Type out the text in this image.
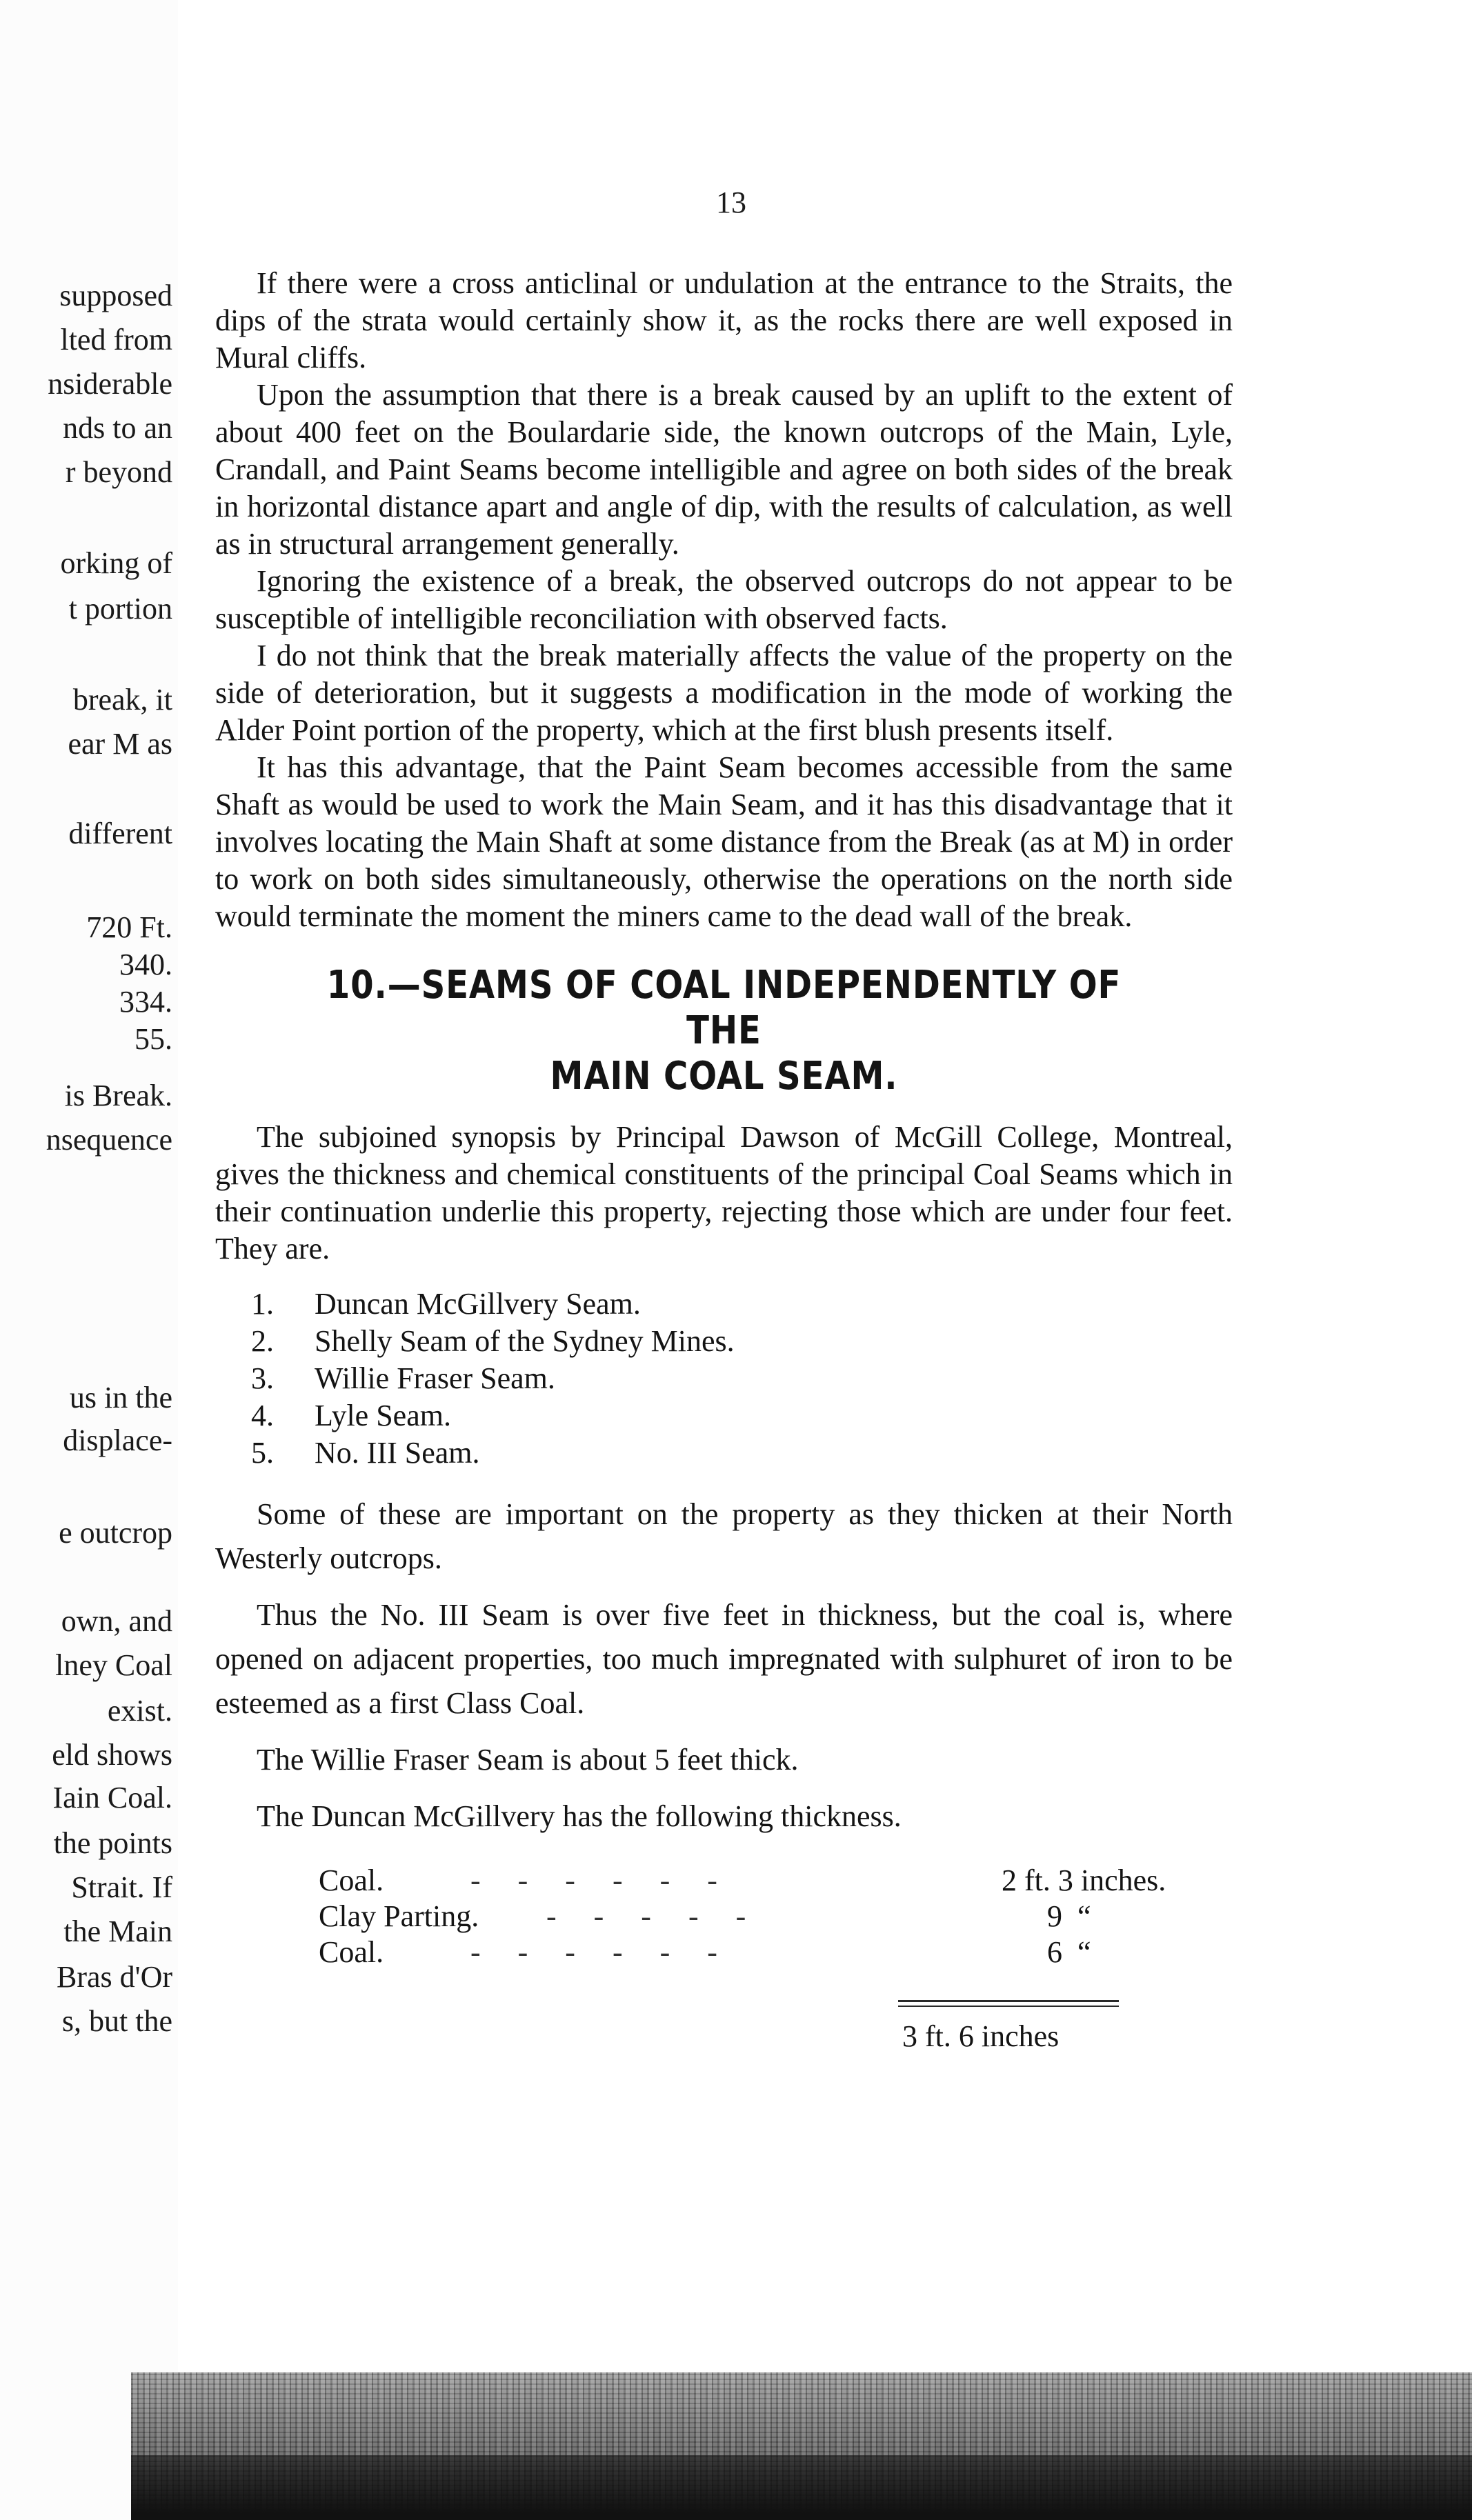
supposed
lted from
nsiderable
nds to an
r beyond
orking of
t portion
break, it
ear M as
different
720 Ft.
340.
334.
55.
is Break.
nsequence
us in the
displace-
e outcrop
own, and
lney Coal
exist.
eld shows
Iain Coal.
the points
Strait. If
the Main
Bras d'Or
s, but the
13

If there were a cross anticlinal or undulation at the entrance to the Straits, the dips of the strata would certainly show it, as the rocks there are well exposed in Mural cliffs.

Upon the assumption that there is a break caused by an uplift to the extent of about 400 feet on the Boulardarie side, the known outcrops of the Main, Lyle, Crandall, and Paint Seams become intelligible and agree on both sides of the break in horizontal distance apart and angle of dip, with the results of calculation, as well as in structural arrangement generally.

Ignoring the existence of a break, the observed outcrops do not appear to be susceptible of intelligible reconciliation with observed facts.

I do not think that the break materially affects the value of the property on the side of deterioration, but it suggests a modification in the mode of working the Alder Point portion of the property, which at the first blush presents itself.

It has this advantage, that the Paint Seam becomes accessible from the same Shaft as would be used to work the Main Seam, and it has this disadvantage that it involves locating the Main Shaft at some distance from the Break (as at M) in order to work on both sides simultaneously, otherwise the operations on the north side would terminate the moment the miners came to the dead wall of the break.

10.—SEAMS OF COAL INDEPENDENTLY OF THE
MAIN COAL SEAM.

The subjoined synopsis by Principal Dawson of McGill College, Montreal, gives the thickness and chemical constituents of the principal Coal Seams which in their continuation underlie this property, rejecting those which are under four feet. They are.

1.	Duncan McGillvery Seam.
2.	Shelly Seam of the Sydney Mines.
3.	Willie Fraser Seam.
4.	Lyle Seam.
5.	No. III Seam.

Some of these are important on the property as they thicken at their North Westerly outcrops.

Thus the No. III Seam is over five feet in thickness, but the coal is, where opened on adjacent properties, too much impregnated with sulphuret of iron to be esteemed as a first Class Coal.

The Willie Fraser Seam is about 5 feet thick.

The Duncan McGillvery has the following thickness.

Coal.	-    -    -    -    -    -	2 ft. 3 inches.
Clay Parting. -    -    -    -    -	9  “
Coal.	-    -    -    -    -    -	6  “
3 ft. 6 inches
